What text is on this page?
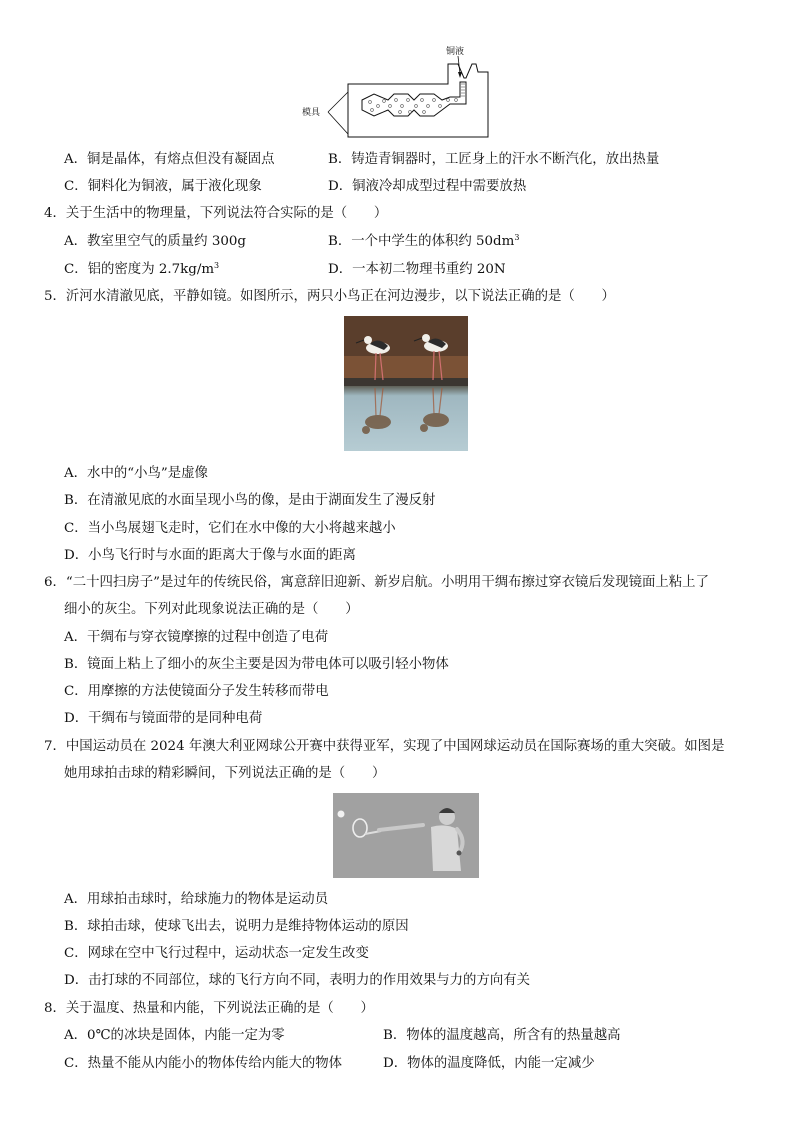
铜液
模具
A．铜是晶体，有熔点但没有凝固点	B．铸造青铜器时，工匠身上的汗水不断汽化，放出热量
C．铜料化为铜液，属于液化现象	D．铜液冷却成型过程中需要放热
4．关于生活中的物理量，下列说法符合实际的是（　　）
A．教室里空气的质量约 300g	B．一个中学生的体积约 $50dm^3$
C．铝的密度为 $2.7kg/m^3$	D．一本初二物理书重约 20N
5．沂河水清澈见底，平静如镜。如图所示，两只小鸟正在河边漫步，以下说法正确的是（　　）
A．水中的“小鸟”是虚像
B．在清澈见底的水面呈现小鸟的像，是由于湖面发生了漫反射
C．当小鸟展翅飞走时，它们在水中像的大小将越来越小
D．小鸟飞行时与水面的距离大于像与水面的距离
6．“二十四扫房子”是过年的传统民俗，寓意辞旧迎新、新岁启航。小明用干绸布擦过穿衣镜后发现镜面上粘上了
细小的灰尘。下列对此现象说法正确的是（　　）
A．干绸布与穿衣镜摩擦的过程中创造了电荷
B．镜面上粘上了细小的灰尘主要是因为带电体可以吸引轻小物体
C．用摩擦的方法使镜面分子发生转移而带电
D．干绸布与镜面带的是同种电荷
7．中国运动员在 2024 年澳大利亚网球公开赛中获得亚军，实现了中国网球运动员在国际赛场的重大突破。如图是
她用球拍击球的精彩瞬间，下列说法正确的是（　　）
A．用球拍击球时，给球施力的物体是运动员
B．球拍击球，使球飞出去，说明力是维持物体运动的原因
C．网球在空中飞行过程中，运动状态一定发生改变
D．击打球的不同部位，球的飞行方向不同，表明力的作用效果与力的方向有关
8．关于温度、热量和内能，下列说法正确的是（　　）
A．0℃的冰块是固体，内能一定为零	B．物体的温度越高，所含有的热量越高
C．热量不能从内能小的物体传给内能大的物体	D．物体的温度降低，内能一定减少
